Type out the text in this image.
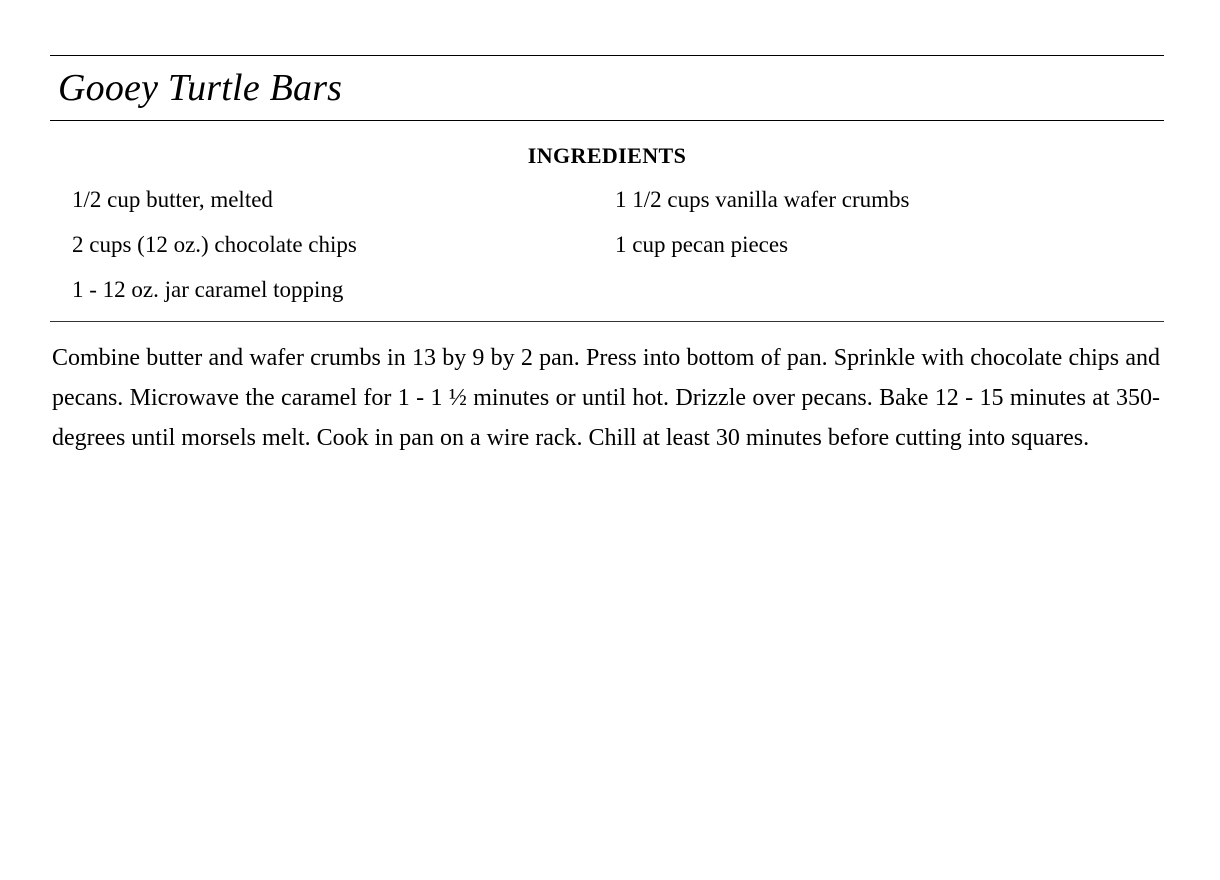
Gooey Turtle Bars
INGREDIENTS
1/2 cup butter, melted	1 1/2 cups vanilla wafer crumbs
2 cups (12 oz.) chocolate chips	1 cup pecan pieces
1 - 12 oz. jar caramel topping	
Combine butter and wafer crumbs in 13 by 9 by 2 pan. Press into bottom of pan. Sprinkle with chocolate chips and pecans. Microwave the caramel for 1 - 1 ½ minutes or until hot. Drizzle over pecans. Bake 12 - 15 minutes at 350-degrees until morsels melt. Cook in pan on a wire rack. Chill at least 30 minutes before cutting into squares.
